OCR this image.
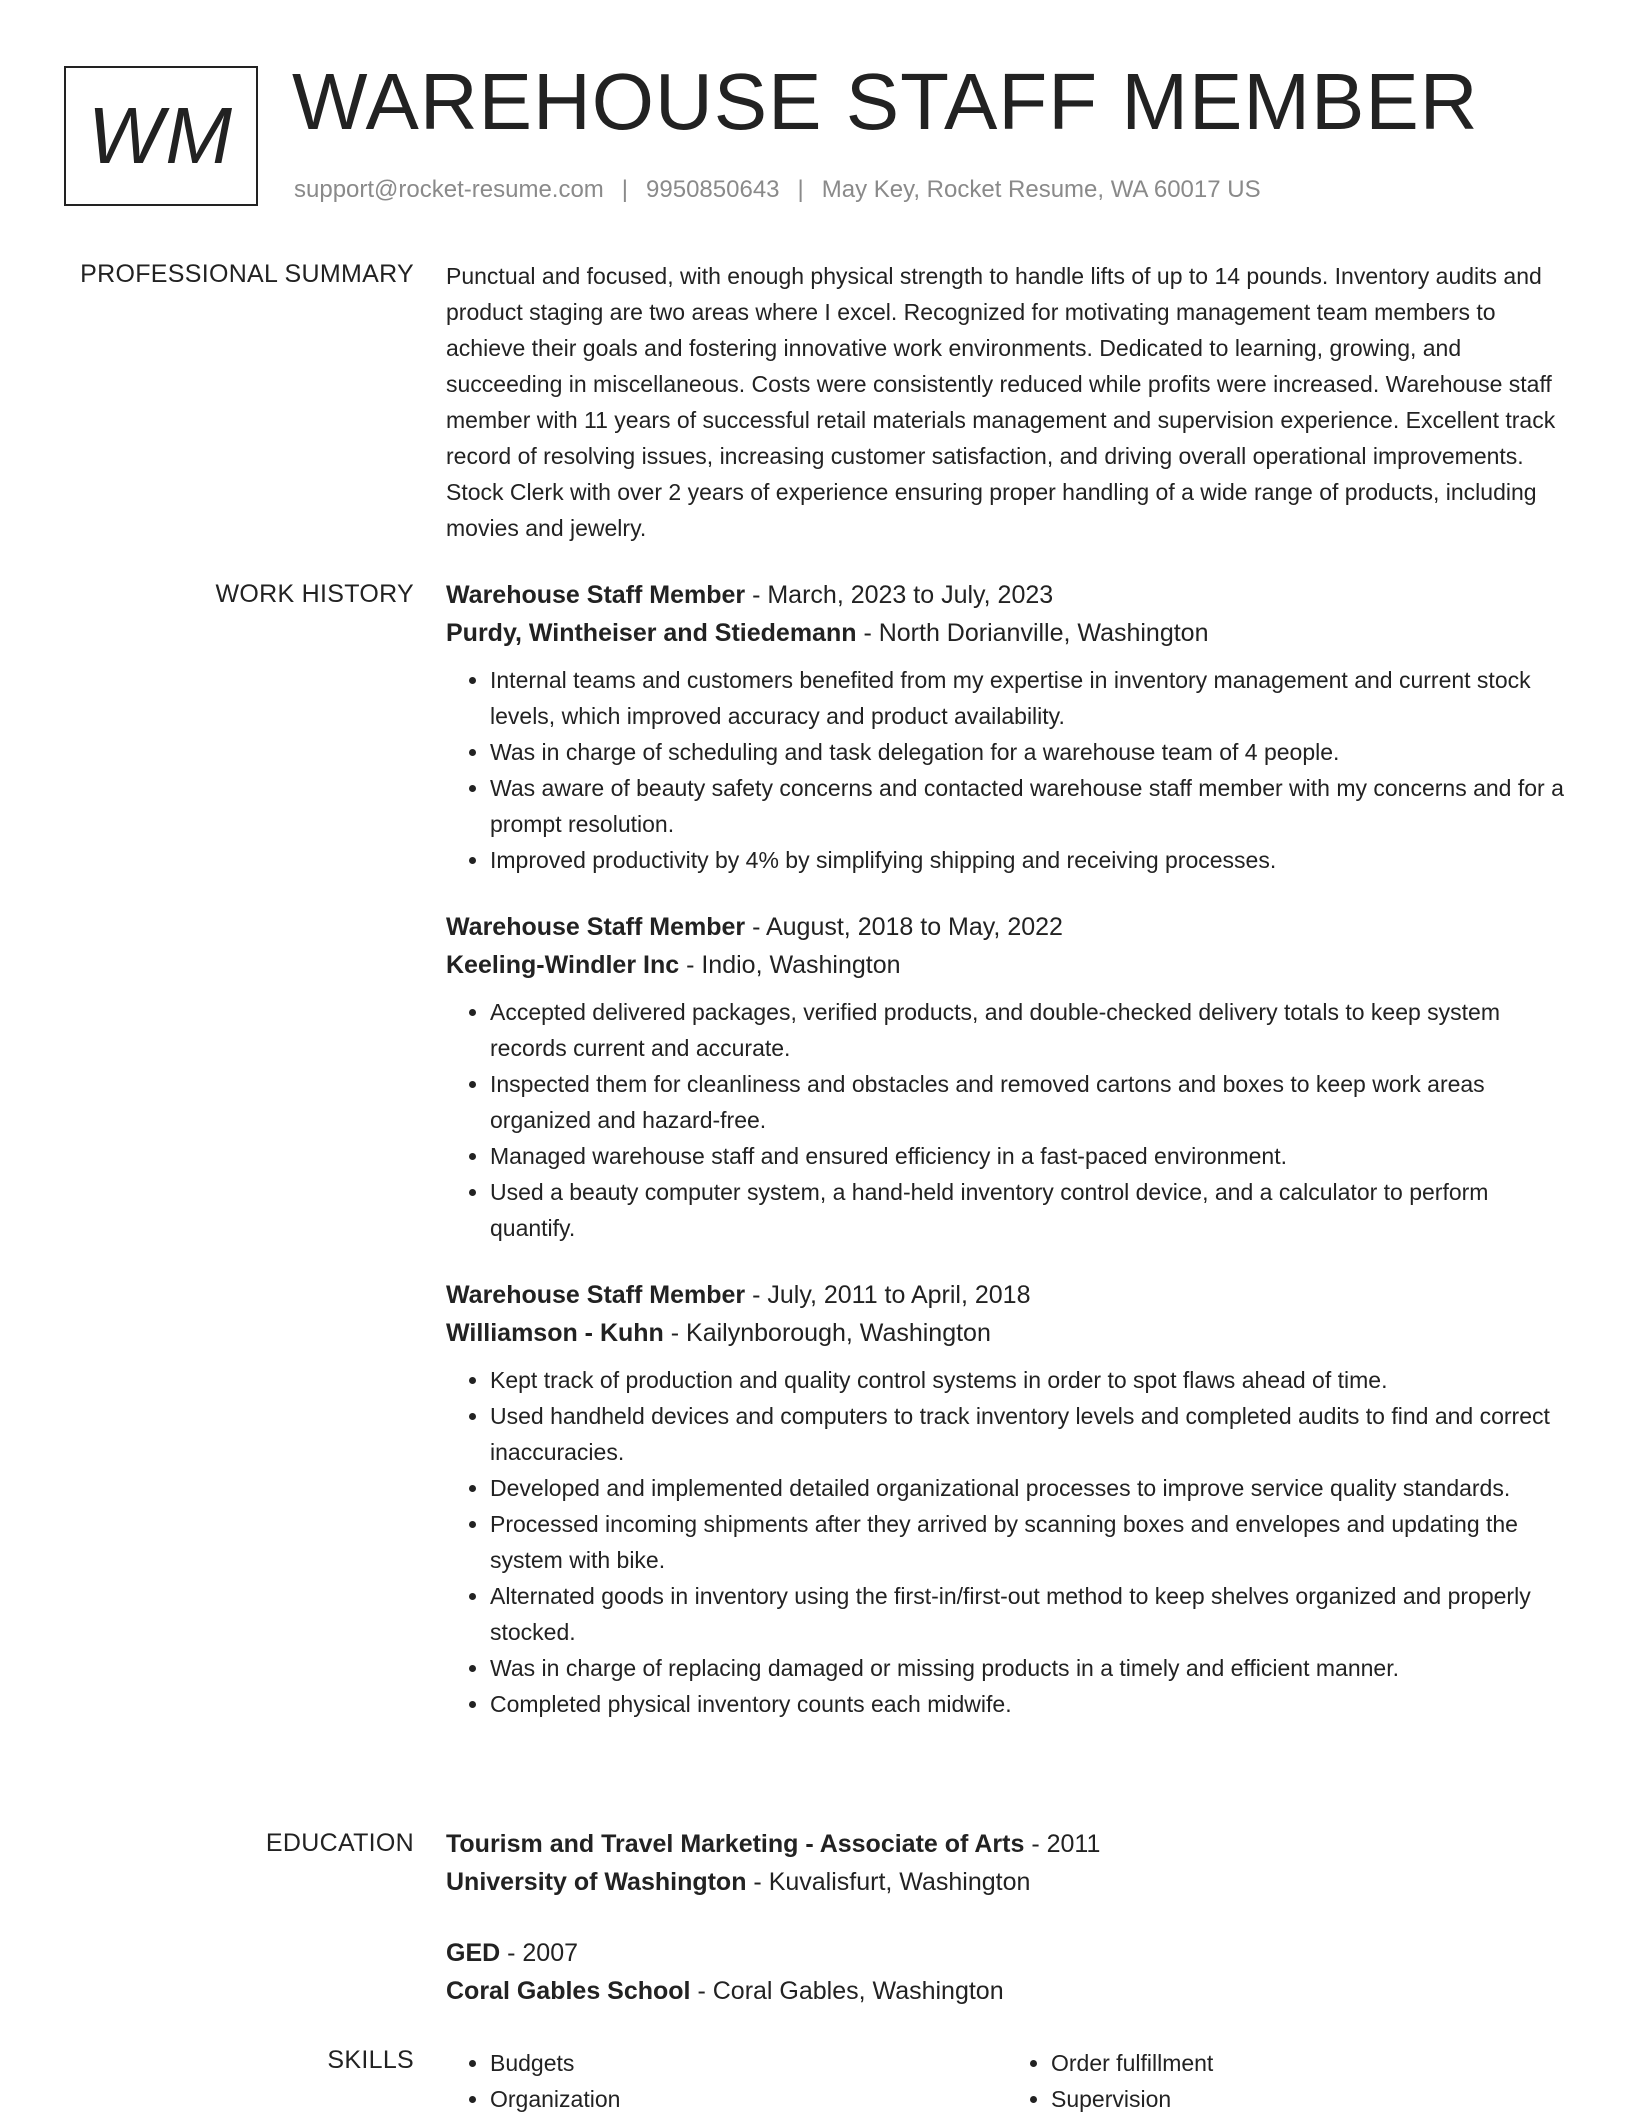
WM WAREHOUSE STAFF MEMBER
support@rocket-resume.com | 9950850643 | May Key, Rocket Resume, WA 60017 US
PROFESSIONAL SUMMARY Punctual and focused, with enough physical strength to handle lifts of up to 14 pounds. Inventory audits and product staging are two areas where I excel. Recognized for motivating management team members to achieve their goals and fostering innovative work environments. Dedicated to learning, growing, and succeeding in miscellaneous. Costs were consistently reduced while profits were increased. Warehouse staff member with 11 years of successful retail materials management and supervision experience. Excellent track record of resolving issues, increasing customer satisfaction, and driving overall operational improvements. Stock Clerk with over 2 years of experience ensuring proper handling of a wide range of products, including movies and jewelry.

WORK HISTORY Warehouse Staff Member - March, 2023 to July, 2023

Purdy, Wintheiser and Stiedemann - North Dorianville, Washington

• Internal teams and customers benefited from my expertise in inventory management and current stock levels, which improved accuracy and product availability.
• Was in charge of scheduling and task delegation for a warehouse team of 4 people.
• Was aware of beauty safety concerns and contacted warehouse staff member with my concerns and for a prompt resolution.
• Improved productivity by 4% by simplifying shipping and receiving processes.

Warehouse Staff Member - August, 2018 to May, 2022

Keeling-Windler Inc - Indio, Washington

• Accepted delivered packages, verified products, and double-checked delivery totals to keep system records current and accurate.
• Inspected them for cleanliness and obstacles and removed cartons and boxes to keep work areas organized and hazard-free.
• Managed warehouse staff and ensured efficiency in a fast-paced environment.
• Used a beauty computer system, a hand-held inventory control device, and a calculator to perform quantify.

Warehouse Staff Member - July, 2011 to April, 2018

Williamson - Kuhn - Kailynborough, Washington

• Kept track of production and quality control systems in order to spot flaws ahead of time.
• Used handheld devices and computers to track inventory levels and completed audits to find and correct inaccuracies.
• Developed and implemented detailed organizational processes to improve service quality standards.
• Processed incoming shipments after they arrived by scanning boxes and envelopes and updating the system with bike.
• Alternated goods in inventory using the first-in/first-out method to keep shelves organized and properly stocked.
• Was in charge of replacing damaged or missing products in a timely and efficient manner.
• Completed physical inventory counts each midwife.
EDUCATION Tourism and Travel Marketing - Associate of Arts - 2011

University of Washington - Kuvalisfurt, Washington

GED - 2007

Coral Gables School - Coral Gables, Washington

SKILLS
•	Budgets
• Organization
• Order fulfillment
• Supervision
